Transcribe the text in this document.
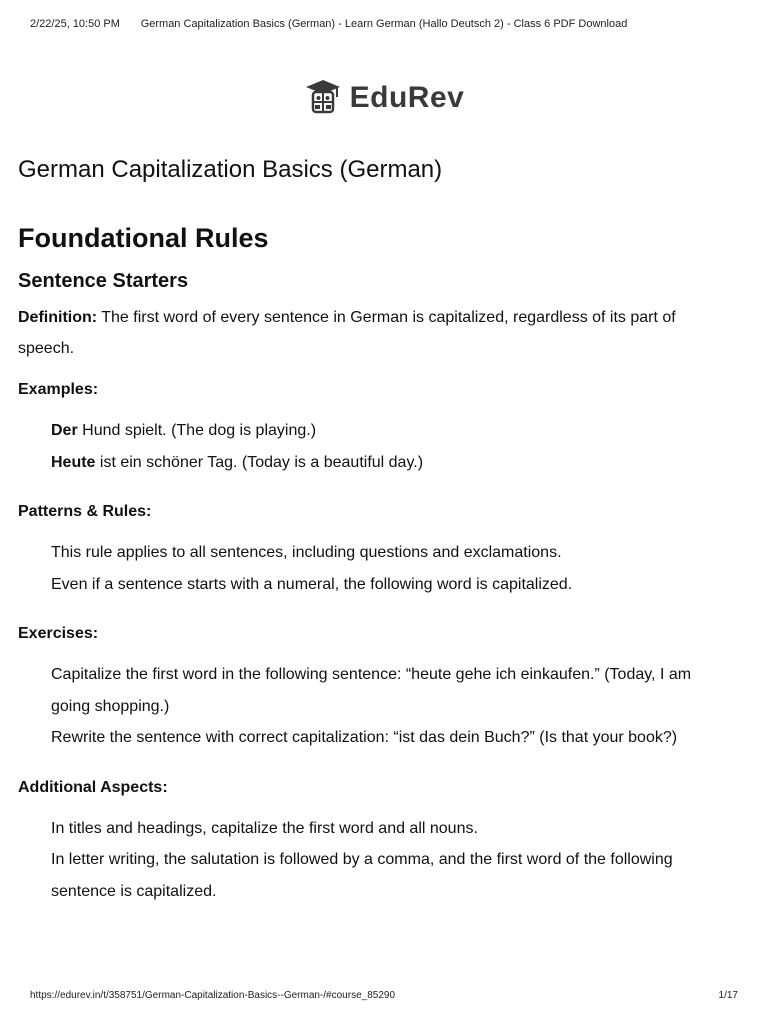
2/22/25, 10:50 PM	German Capitalization Basics (German) - Learn German (Hallo Deutsch 2) - Class 6 PDF Download
EduRev
German Capitalization Basics (German)
Foundational Rules
Sentence Starters

Definition: The first word of every sentence in German is capitalized, regardless of its part of speech.

Examples:
Der Hund spielt. (The dog is playing.)
Heute ist ein schöner Tag. (Today is a beautiful day.)
Patterns & Rules:
This rule applies to all sentences, including questions and exclamations.
Even if a sentence starts with a numeral, the following word is capitalized.
Exercises:
Capitalize the first word in the following sentence: “heute gehe ich einkaufen.” (Today, I am going shopping.)
Rewrite the sentence with correct capitalization: “ist das dein Buch?” (Is that your book?)
Additional Aspects:
In titles and headings, capitalize the first word and all nouns.
In letter writing, the salutation is followed by a comma, and the first word of the following sentence is capitalized.
https://edurev.in/t/358751/German-Capitalization-Basics--German-/#course_85290	1/17
